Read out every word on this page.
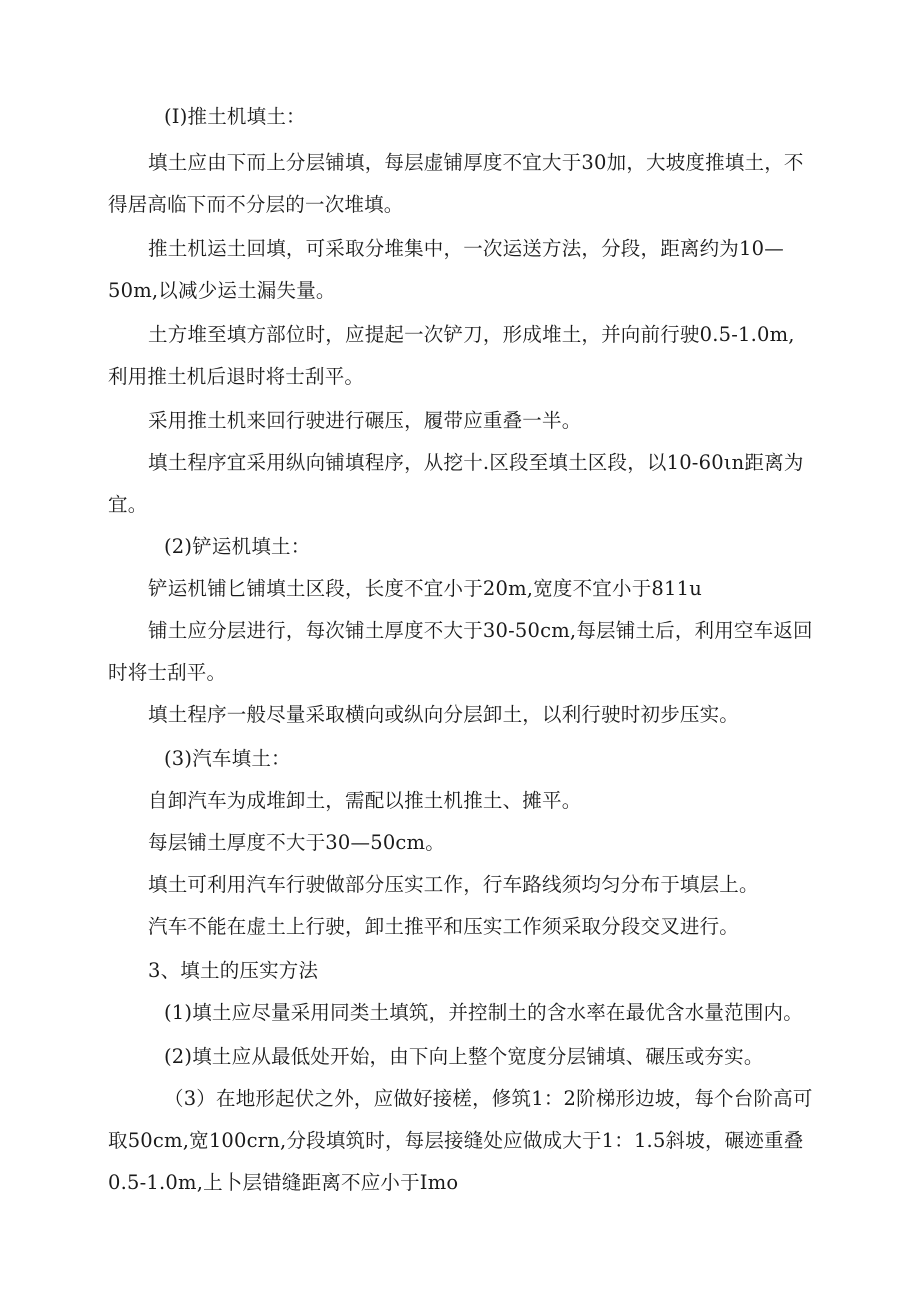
(I)推土机填土：

填土应由下而上分层铺填，每层虚铺厚度不宜大于30加，大坡度推填土，不得居高临下而不分层的一次堆填。

推土机运土回填，可采取分堆集中，一次运送方法，分段，距离约为10—50m,以减少运土漏失量。

土方堆至填方部位时，应提起一次铲刀，形成堆土，并向前行驶0.5-1.0m,利用推土机后退时将士刮平。

采用推土机来回行驶进行碾压，履带应重叠一半。

填土程序宜采用纵向铺填程序，从挖十.区段至填土区段，以10-60ιn距离为宜。

(2)铲运机填土：

铲运机铺匕铺填土区段，长度不宜小于20m,宽度不宜小于811u

铺土应分层进行，每次铺土厚度不大于30-50cm,每层铺土后，利用空车返回时将士刮平。

填土程序一般尽量采取横向或纵向分层卸土，以利行驶时初步压实。

(3)汽车填土：

自卸汽车为成堆卸土，需配以推土机推土、摊平。

每层铺土厚度不大于30—50cm。

填土可利用汽车行驶做部分压实工作，行车路线须均匀分布于填层上。

汽车不能在虚土上行驶，卸土推平和压实工作须采取分段交叉进行。

3、填土的压实方法

(1)填土应尽量采用同类土填筑，并控制土的含水率在最优含水量范围内。

(2)填土应从最低处开始，由下向上整个宽度分层铺填、碾压或夯实。

（3）在地形起伏之外，应做好接槎，修筑1：2阶梯形边坡，每个台阶高可取50cm,宽100crn,分段填筑时，每层接缝处应做成大于1：1.5斜坡，碾迹重叠0.5-1.0m,上卜层错缝距离不应小于Imo
